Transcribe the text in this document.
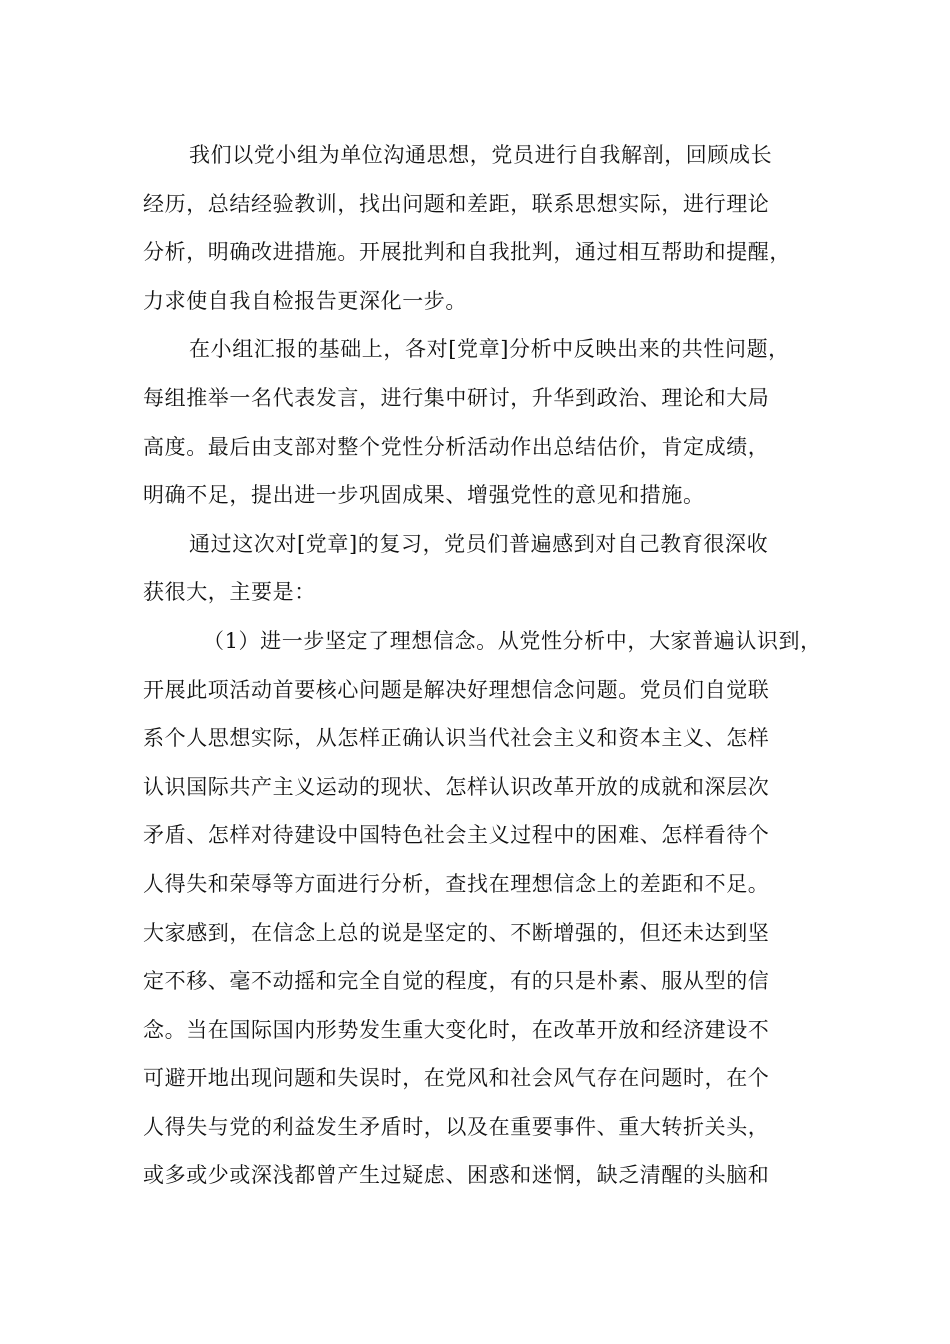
我们以党小组为单位沟通思想，党员进行自我解剖，回顾成长
经历，总结经验教训，找出问题和差距，联系思想实际，进行理论
分析，明确改进措施。开展批判和自我批判，通过相互帮助和提醒，
力求使自我自检报告更深化一步。
在小组汇报的基础上，各对[党章]分析中反映出来的共性问题，
每组推举一名代表发言，进行集中研讨，升华到政治、理论和大局
高度。最后由支部对整个党性分析活动作出总结估价，肯定成绩，
明确不足，提出进一步巩固成果、增强党性的意见和措施。
通过这次对[党章]的复习，党员们普遍感到对自己教育很深收
获很大，主要是：
（1）进一步坚定了理想信念。从党性分析中，大家普遍认识到，
开展此项活动首要核心问题是解决好理想信念问题。党员们自觉联
系个人思想实际，从怎样正确认识当代社会主义和资本主义、怎样
认识国际共产主义运动的现状、怎样认识改革开放的成就和深层次
矛盾、怎样对待建设中国特色社会主义过程中的困难、怎样看待个
人得失和荣辱等方面进行分析，查找在理想信念上的差距和不足。
大家感到，在信念上总的说是坚定的、不断增强的，但还未达到坚
定不移、毫不动摇和完全自觉的程度，有的只是朴素、服从型的信
念。当在国际国内形势发生重大变化时，在改革开放和经济建设不
可避开地出现问题和失误时，在党风和社会风气存在问题时，在个
人得失与党的利益发生矛盾时，以及在重要事件、重大转折关头，
或多或少或深浅都曾产生过疑虑、困惑和迷惘，缺乏清醒的头脑和
